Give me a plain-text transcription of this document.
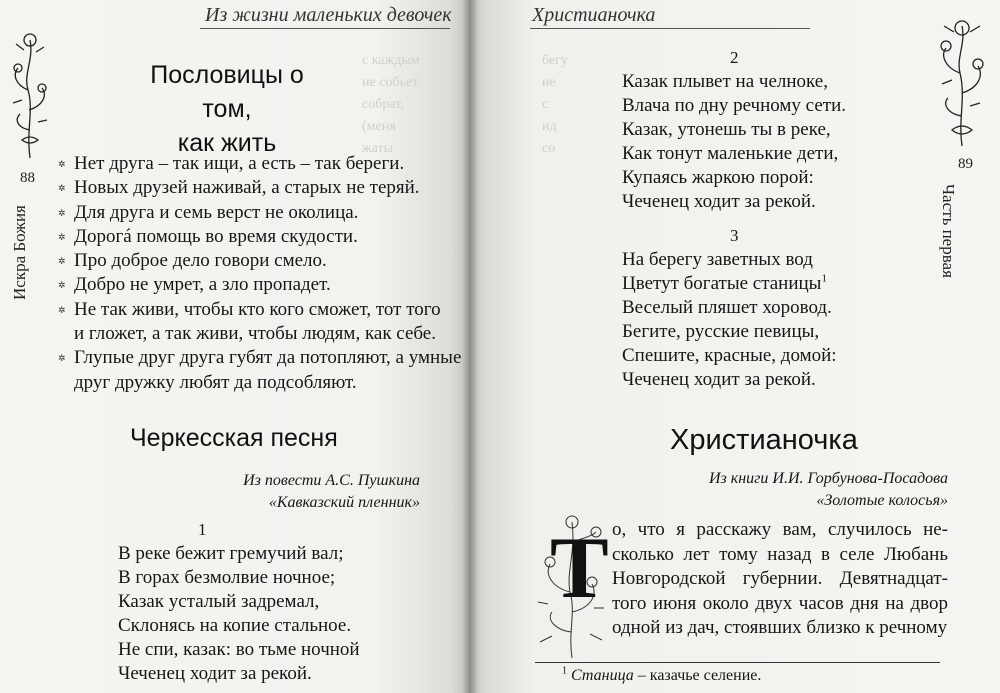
с каждым
не собьет
собрат,
(меня
жаты

Из жизни маленьких девочек
88
Искра Божия
Пословицы о том,
как жить
✲ Нет друга – так ищи, а есть – так береги.
✲ Новых друзей наживай, а старых не теряй.
✲ Для друга и семь верст не околица.
✲ Дорогá помощь во время скудости.
✲ Про доброе дело говори смело.
✲ Добро не умрет, а зло пропадет.
✲ Не так живи, чтобы кто кого сможет, тот того
и гложет, а так живи, чтобы людям, как себе.
✲ Глупые друг друга губят да потопляют, а умные
друг дружку любят да подсобляют.
Черкесская песня
Из повести А.С. Пушкина
«Кавказский пленник»
1
В реке бежит гремучий вал;
В горах безмолвие ночное;
Казак усталый задремал,
Склонясь на копие стальное.
Не спи, казак: во тьме ночной
Чеченец ходит за рекой.
бегу
не
с
ид
со
Христианочка
89
Часть первая
2
Казак плывет на челноке,
Влача по дну речному сети.
Казак, утонешь ты в реке,
Как тонут маленькие дети,
Купаясь жаркою порой:
Чеченец ходит за рекой.
3
На берегу заветных вод
Цветут богатые станицы$^1$
Веселый пляшет хоровод.
Бегите, русские певицы,
Спешите, красные, домой:
Чеченец ходит за рекой.
Христианочка
Из книги И.И. Горбунова-Посадова
«Золотые колосья»
Т о, что я расскажу вам, случилось не-

сколько лет тому назад в селе Любань

Новгородской губернии. Девятнадцат-

того июня около двух часов дня на двор

одной из дач, стоявших близко к речному

$^1$ Станица – казачье селение.
